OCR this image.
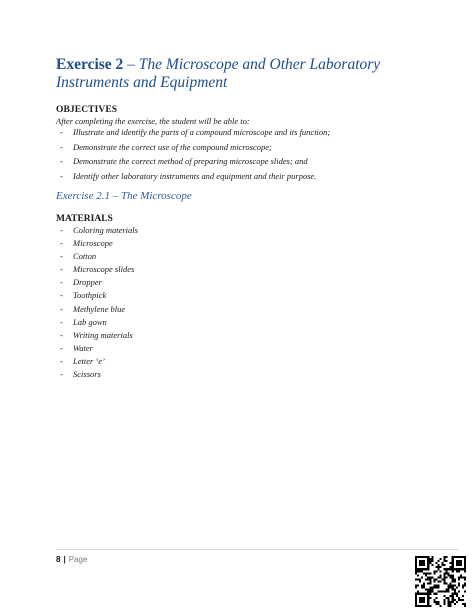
Exercise 2 – The Microscope and Other Laboratory Instruments and Equipment
OBJECTIVES
After completing the exercise, the student will be able to:
- Illustrate and identify the parts of a compound microscope and its function;
- Demonstrate the correct use of the compound microscope;
- Demonstrate the correct method of preparing microscope slides; and
- Identify other laboratory instruments and equipment and their purpose.
Exercise 2.1 – The Microscope
MATERIALS
- Coloring materials
- Microscope
- Cotton
- Microscope slides
- Dropper
- Toothpick
- Methylene blue
- Lab gown
- Writing materials
- Water
- Letter ‘e’
- Scissors
8 | Page
